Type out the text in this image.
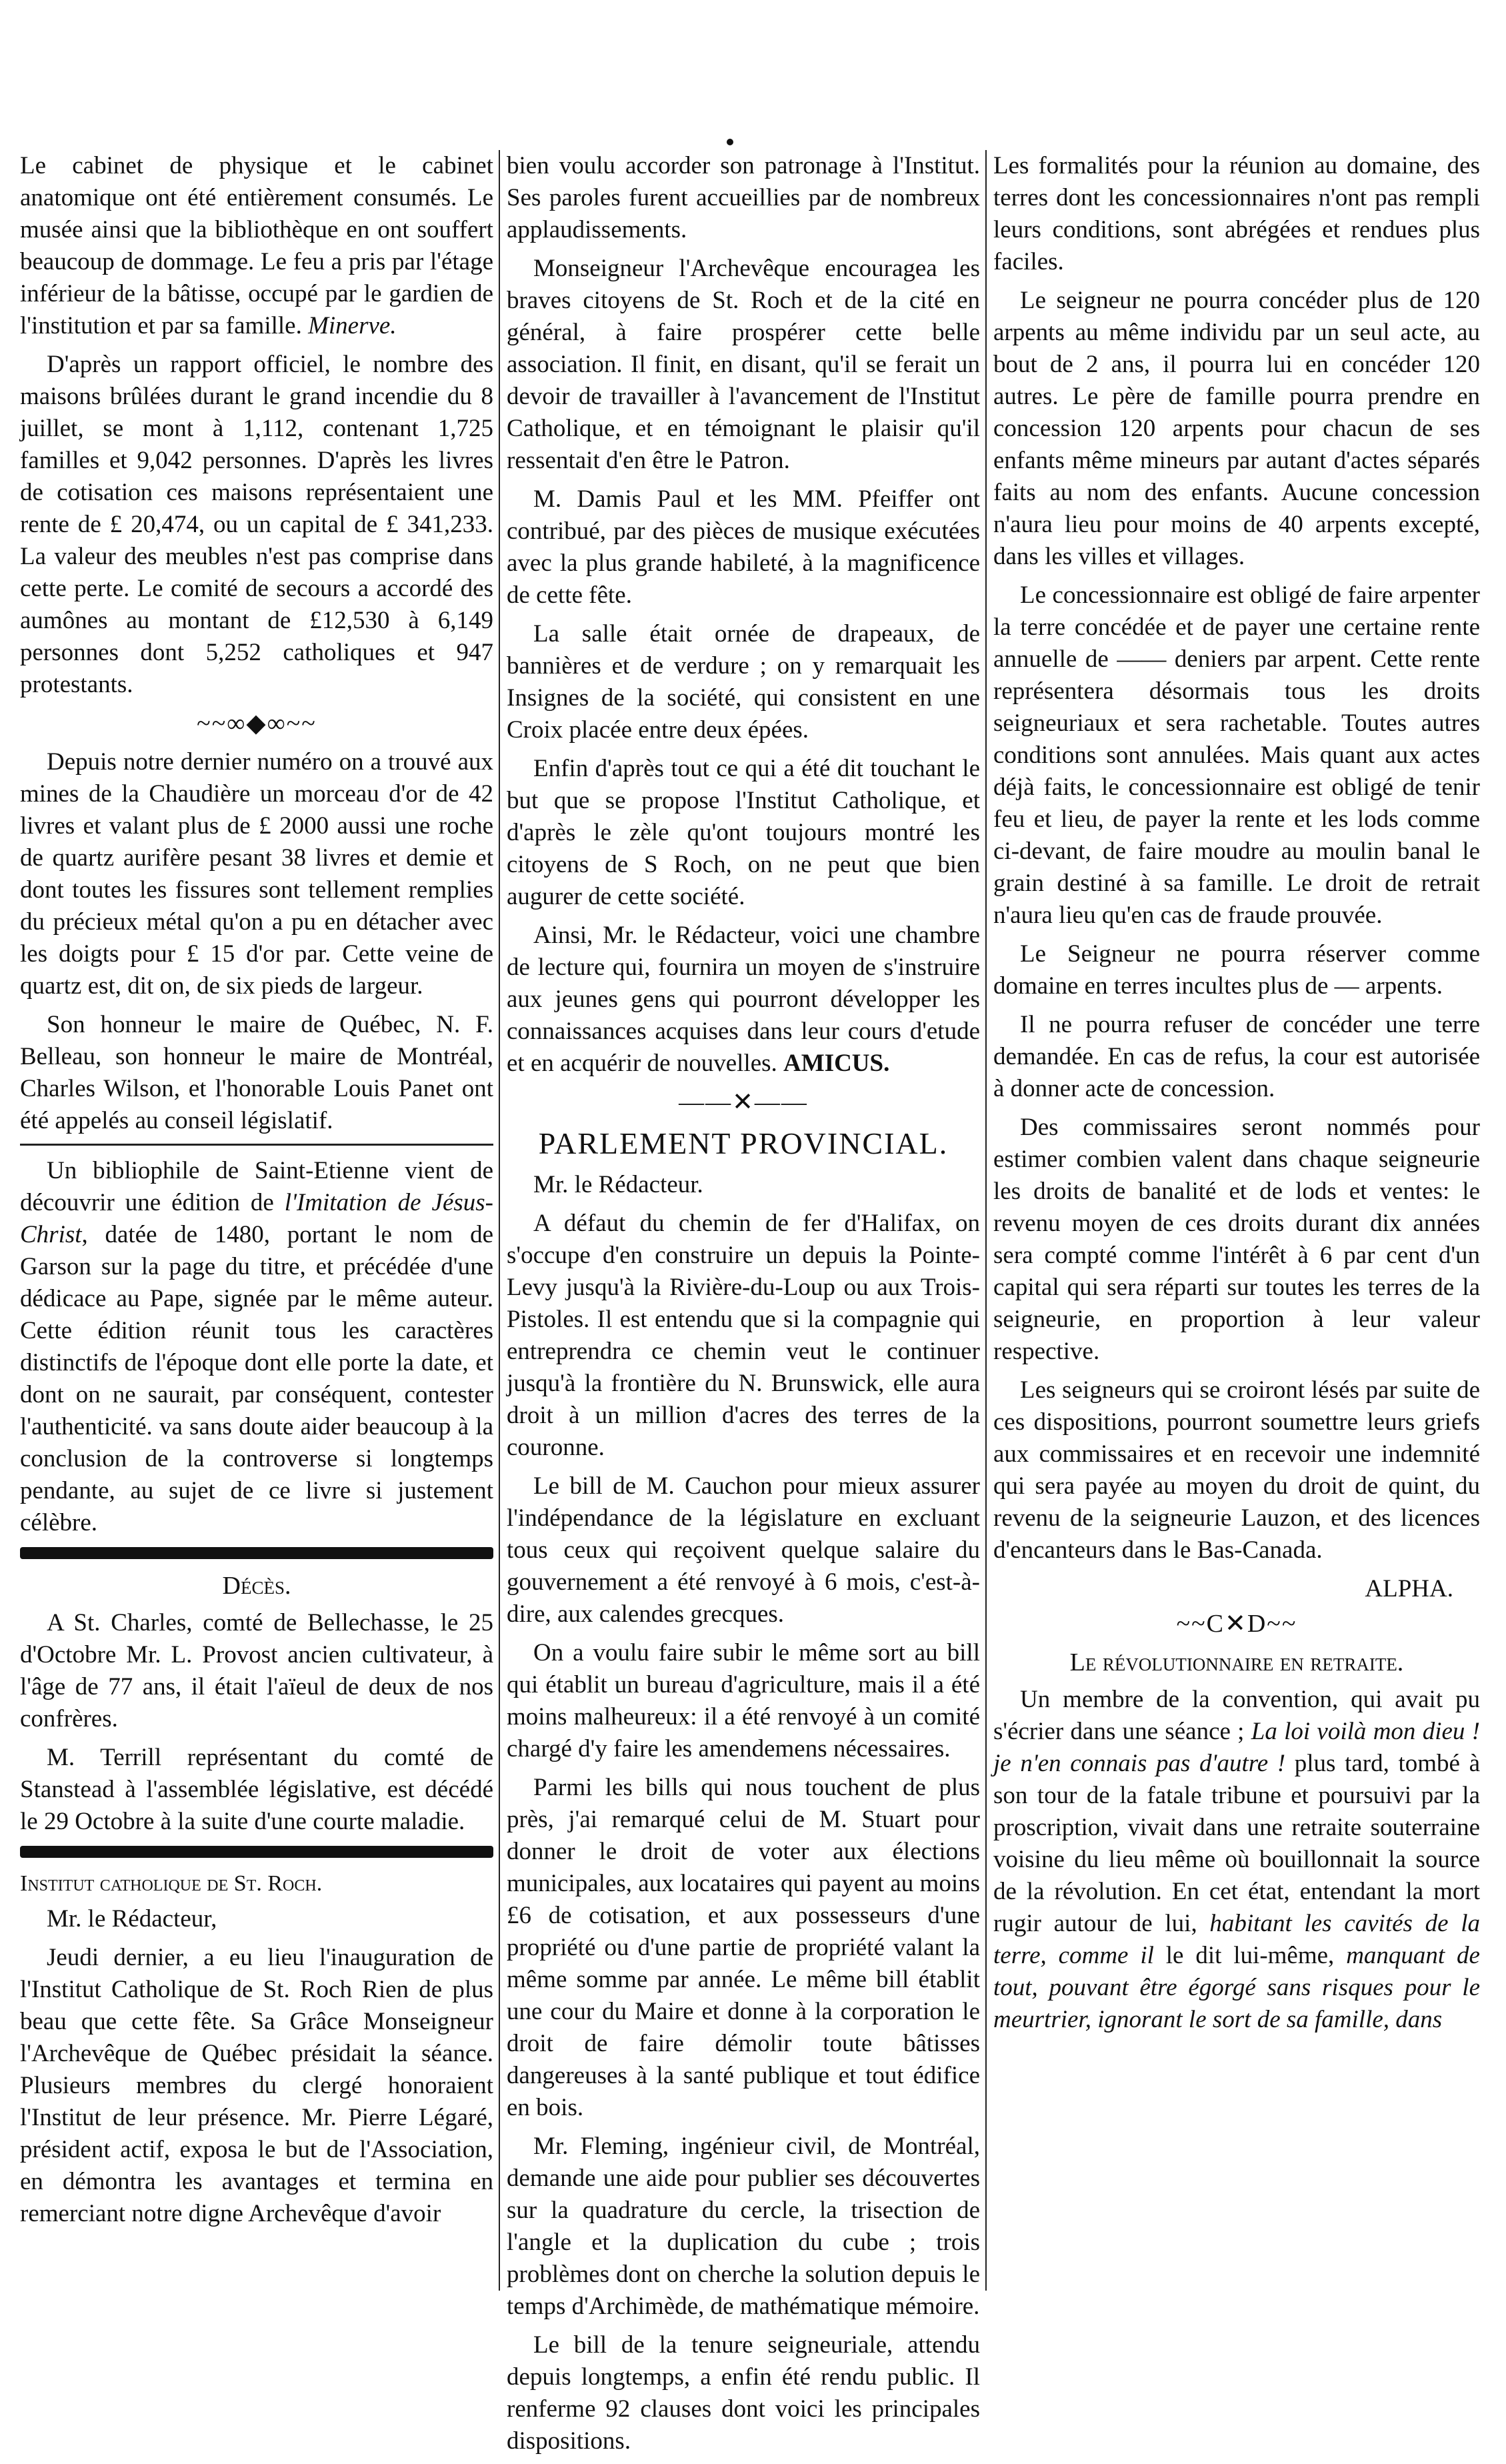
Le cabinet de physique et le cabinet anatomique ont été entièrement consumés. Le musée ainsi que la bibliothèque en ont souffert beaucoup de dommage. Le feu a pris par l'étage inférieur de la bâtisse, occupé par le gardien de l'institution et par sa famille. Minerve.

D'après un rapport officiel, le nombre des maisons brûlées durant le grand incendie du 8 juillet, se mont à 1,112, contenant 1,725 familles et 9,042 personnes. D'après les livres de cotisation ces maisons représentaient une rente de £ 20,474, ou un capital de £ 341,233. La valeur des meubles n'est pas comprise dans cette perte. Le comité de secours a accordé des aumônes au montant de £12,530 à 6,149 personnes dont 5,252 catholiques et 947 protestants.

~~∞◆∞~~

Depuis notre dernier numéro on a trouvé aux mines de la Chaudière un morceau d'or de 42 livres et valant plus de £ 2000 aussi une roche de quartz aurifère pesant 38 livres et demie et dont toutes les fissures sont tellement remplies du précieux métal qu'on a pu en détacher avec les doigts pour £ 15 d'or par. Cette veine de quartz est, dit on, de six pieds de largeur.

Son honneur le maire de Québec, N. F. Belleau, son honneur le maire de Montréal, Charles Wilson, et l'honorable Louis Panet ont été appelés au conseil législatif.

Un bibliophile de Saint-Etienne vient de découvrir une édition de l'Imitation de Jésus-Christ, datée de 1480, portant le nom de Garson sur la page du titre, et précédée d'une dédicace au Pape, signée par le même auteur. Cette édition réunit tous les caractères distinctifs de l'époque dont elle porte la date, et dont on ne saurait, par conséquent, contester l'authenticité. va sans doute aider beaucoup à la conclusion de la controverse si longtemps pendante, au sujet de ce livre si justement célèbre.

Décès.

A St. Charles, comté de Bellechasse, le 25 d'Octobre Mr. L. Provost ancien cultivateur, à l'âge de 77 ans, il était l'aïeul de deux de nos confrères.

M. Terrill représentant du comté de Stanstead à l'assemblée législative, est décédé le 29 Octobre à la suite d'une courte maladie.

Institut catholique de St. Roch.

Mr. le Rédacteur,

Jeudi dernier, a eu lieu l'inauguration de l'Institut Catholique de St. Roch Rien de plus beau que cette fête. Sa Grâce Monseigneur l'Archevêque de Québec présidait la séance. Plusieurs membres du clergé honoraient l'Institut de leur présence. Mr. Pierre Légaré, président actif, exposa le but de l'Association, en démontra les avantages et termina en remerciant notre digne Archevêque d'avoir

bien voulu accorder son patronage à l'Institut. Ses paroles furent accueillies par de nombreux applaudissements.

Monseigneur l'Archevêque encouragea les braves citoyens de St. Roch et de la cité en général, à faire prospérer cette belle association. Il finit, en disant, qu'il se ferait un devoir de travailler à l'avancement de l'Institut Catholique, et en témoignant le plaisir qu'il ressentait d'en être le Patron.

M. Damis Paul et les MM. Pfeiffer ont contribué, par des pièces de musique exécutées avec la plus grande habileté, à la magnificence de cette fête.

La salle était ornée de drapeaux, de bannières et de verdure ; on y remarquait les Insignes de la société, qui consistent en une Croix placée entre deux épées.

Enfin d'après tout ce qui a été dit touchant le but que se propose l'Institut Catholique, et d'après le zèle qu'ont toujours montré les citoyens de S Roch, on ne peut que bien augurer de cette société.

Ainsi, Mr. le Rédacteur, voici une chambre de lecture qui, fournira un moyen de s'instruire aux jeunes gens qui pourront développer les connaissances acquises dans leur cours d'etude et en acquérir de nouvelles. AMICUS.

——✕——
PARLEMENT PROVINCIAL.

Mr. le Rédacteur.

A défaut du chemin de fer d'Halifax, on s'occupe d'en construire un depuis la Pointe-Levy jusqu'à la Rivière-du-Loup ou aux Trois-Pistoles. Il est entendu que si la compagnie qui entreprendra ce chemin veut le continuer jusqu'à la frontière du N. Brunswick, elle aura droit à un million d'acres des terres de la couronne.

Le bill de M. Cauchon pour mieux assurer l'indépendance de la législature en excluant tous ceux qui reçoivent quelque salaire du gouvernement a été renvoyé à 6 mois, c'est-à-dire, aux calendes grecques.

On a voulu faire subir le même sort au bill qui établit un bureau d'agriculture, mais il a été moins malheureux: il a été renvoyé à un comité chargé d'y faire les amendemens nécessaires.

Parmi les bills qui nous touchent de plus près, j'ai remarqué celui de M. Stuart pour donner le droit de voter aux élections municipales, aux locataires qui payent au moins £6 de cotisation, et aux possesseurs d'une propriété ou d'une partie de propriété valant la même somme par année. Le même bill établit une cour du Maire et donne à la corporation le droit de faire démolir toute bâtisses dangereuses à la santé publique et tout édifice en bois.

Mr. Fleming, ingénieur civil, de Montréal, demande une aide pour publier ses découvertes sur la quadrature du cercle, la trisection de l'angle et la duplication du cube ; trois problèmes dont on cherche la solution depuis le temps d'Archimède, de mathématique mémoire.

Le bill de la tenure seigneuriale, attendu depuis longtemps, a enfin été rendu public. Il renferme 92 clauses dont voici les principales dispositions.

Les formalités pour la réunion au domaine, des terres dont les concessionnaires n'ont pas rempli leurs conditions, sont abrégées et rendues plus faciles.

Le seigneur ne pourra concéder plus de 120 arpents au même individu par un seul acte, au bout de 2 ans, il pourra lui en concéder 120 autres. Le père de famille pourra prendre en concession 120 arpents pour chacun de ses enfants même mineurs par autant d'actes séparés faits au nom des enfants. Aucune concession n'aura lieu pour moins de 40 arpents excepté, dans les villes et villages.

Le concessionnaire est obligé de faire arpenter la terre concédée et de payer une certaine rente annuelle de —— deniers par arpent. Cette rente représentera désormais tous les droits seigneuriaux et sera rachetable. Toutes autres conditions sont annulées. Mais quant aux actes déjà faits, le concessionnaire est obligé de tenir feu et lieu, de payer la rente et les lods comme ci-devant, de faire moudre au moulin banal le grain destiné à sa famille. Le droit de retrait n'aura lieu qu'en cas de fraude prouvée.

Le Seigneur ne pourra réserver comme domaine en terres incultes plus de — arpents.

Il ne pourra refuser de concéder une terre demandée. En cas de refus, la cour est autorisée à donner acte de concession.

Des commissaires seront nommés pour estimer combien valent dans chaque seigneurie les droits de banalité et de lods et ventes: le revenu moyen de ces droits durant dix années sera compté comme l'intérêt à 6 par cent d'un capital qui sera réparti sur toutes les terres de la seigneurie, en proportion à leur valeur respective.

Les seigneurs qui se croiront lésés par suite de ces dispositions, pourront soumettre leurs griefs aux commissaires et en recevoir une indemnité qui sera payée au moyen du droit de quint, du revenu de la seigneurie Lauzon, et des licences d'encanteurs dans le Bas-Canada.

ALPHA.
~~C✕D~~
Le révolutionnaire en retraite.

Un membre de la convention, qui avait pu s'écrier dans une séance ; La loi voilà mon dieu ! je n'en connais pas d'autre ! plus tard, tombé à son tour de la fatale tribune et poursuivi par la proscription, vivait dans une retraite souterraine voisine du lieu même où bouillonnait la source de la révolution. En cet état, entendant la mort rugir autour de lui, habitant les cavités de la terre, comme il le dit lui-même, manquant de tout, pouvant être égorgé sans risques pour le meurtrier, ignorant le sort de sa famille, dans
